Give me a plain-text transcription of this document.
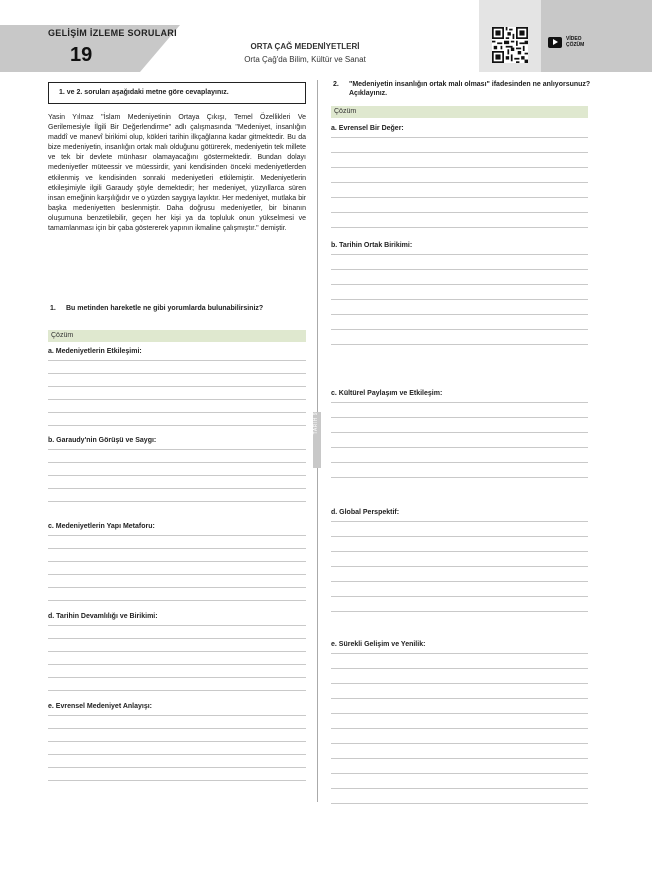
GELİŞİM İZLEME SORULARI
19	ORTA ÇAĞ MEDENİYETLERİ
Orta Çağ'da Bilim, Kültür ve Sanat
VİDEO
ÇÖZÜM
TARİH 9
1. ve 2. soruları aşağıdaki metne göre cevaplayınız.

Yasin Yılmaz "İslam Medeniyetinin Ortaya Çıkışı, Temel Özellikleri Ve Gerilemesiyle İlgili Bir Değerlendirme" adlı çalışmasında "Medeniyet, insanlığın maddî ve manevî birikimi olup, kökleri tarihin ilkçağlarına kadar gitmektedir. Bu da bize medeniyetin, insanlığın ortak malı olduğunu götürerek, medeniyetin tek millete ve tek bir devlete münhasır olamayacağını göstermektedir. Bundan dolayı medeniyetler müteessir ve müessirdir, yani kendisinden önceki medeniyetlerden etkilenmiş ve kendisinden sonraki medeniyetleri etkilemiştir. Medeniyetlerin etkileşimiyle ilgili Garaudy şöyle demektedir; her medeniyet, yüzyıllarca süren insan emeğinin karşılığıdır ve o yüzden saygıya layıktır. Her medeniyet, mutlaka bir başka medeniyetten beslenmiştir. Daha doğrusu medeniyetler, bir binanın oluşumuna benzetilebilir, geçen her kişi ya da topluluk onun yükselmesi ve tamamlanması için bir çaba göstererek yapının ikmaline çalışmıştır." demiştir.

1.	Bu metinden hareketle ne gibi yorumlarda bulunabilirsiniz?
Çözüm
2.	"Medeniyetin insanlığın ortak malı olması" ifadesinden ne anlıyorsunuz? Açıklayınız.
Çözüm
a. Medeniyetlerin Etkileşimi:
b. Garaudy'nin Görüşü ve Saygı:
c. Medeniyetlerin Yapı Metaforu:
d. Tarihin Devamlılığı ve Birikimi:
e. Evrensel Medeniyet Anlayışı:
a. Evrensel Bir Değer:
b. Tarihin Ortak Birikimi:
c. Kültürel Paylaşım ve Etkileşim:
d. Global Perspektif:
e. Sürekli Gelişim ve Yenilik:
